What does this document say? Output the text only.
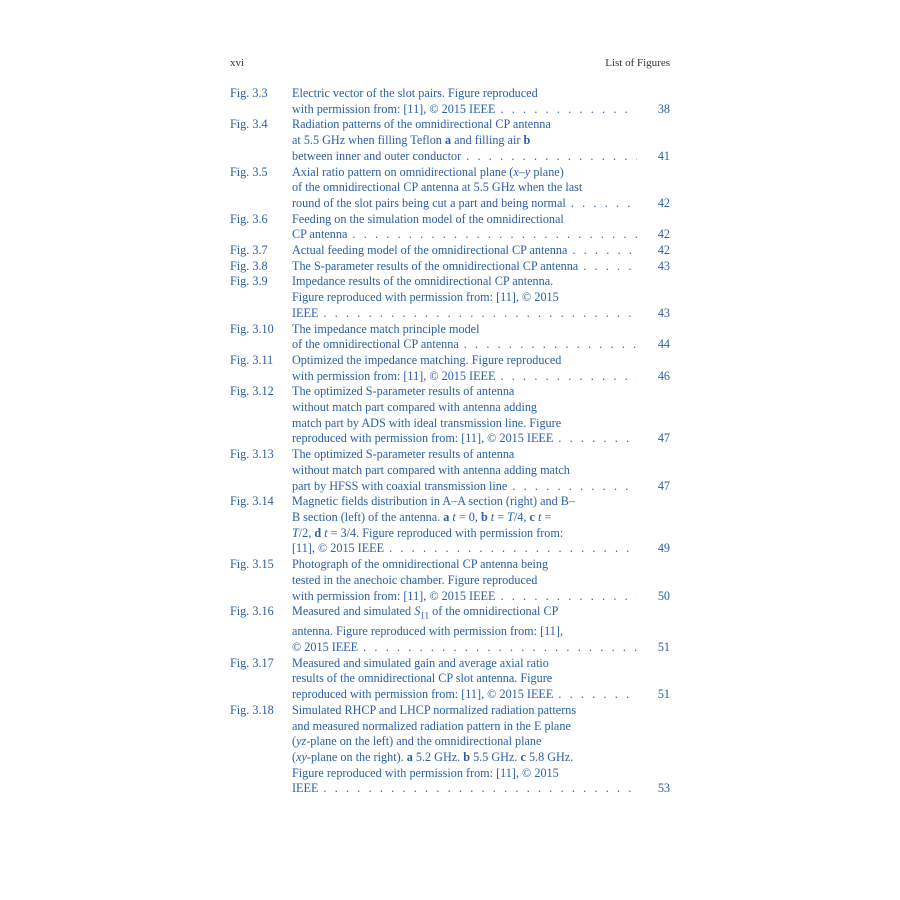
xvi	List of Figures
Fig. 3.3	Electric vector of the slot pairs. Figure reproduced
with permission from: [11], © 2015 IEEE . . .	38
Fig. 3.4	Radiation patterns of the omnidirectional CP antenna
at 5.5 GHz when filling Teflon a and filling air b
between inner and outer conductor . . .	41
Fig. 3.5	Axial ratio pattern on omnidirectional plane (x–y plane)
of the omnidirectional CP antenna at 5.5 GHz when the last
round of the slot pairs being cut a part and being normal . . .	42
Fig. 3.6	Feeding on the simulation model of the omnidirectional
CP antenna . . .	42
Fig. 3.7	Actual feeding model of the omnidirectional CP antenna . . .	42
Fig. 3.8	The S-parameter results of the omnidirectional CP antenna . . .	43
Fig. 3.9	Impedance results of the omnidirectional CP antenna.
Figure reproduced with permission from: [11], © 2015
IEEE . . .	43
Fig. 3.10	The impedance match principle model
of the omnidirectional CP antenna . . .	44
Fig. 3.11	Optimized the impedance matching. Figure reproduced
with permission from: [11], © 2015 IEEE . . .	46
Fig. 3.12	The optimized S-parameter results of antenna
without match part compared with antenna adding
match part by ADS with ideal transmission line. Figure
reproduced with permission from: [11], © 2015 IEEE . . .	47
Fig. 3.13	The optimized S-parameter results of antenna
without match part compared with antenna adding match
part by HFSS with coaxial transmission line . . .	47
Fig. 3.14	Magnetic fields distribution in A–A section (right) and B–
B section (left) of the antenna. a t = 0, b t = T/4, c t =
T/2, d t = 3/4. Figure reproduced with permission from:
[11], © 2015 IEEE . . .	49
Fig. 3.15	Photograph of the omnidirectional CP antenna being
tested in the anechoic chamber. Figure reproduced
with permission from: [11], © 2015 IEEE . . .	50
Fig. 3.16	Measured and simulated $S_{11}$ of the omnidirectional CP
antenna. Figure reproduced with permission from: [11],
© 2015 IEEE . . .	51
Fig. 3.17	Measured and simulated gain and average axial ratio
results of the omnidirectional CP slot antenna. Figure
reproduced with permission from: [11], © 2015 IEEE . . .	51
Fig. 3.18	Simulated RHCP and LHCP normalized radiation patterns
and measured normalized radiation pattern in the E plane
(yz-plane on the left) and the omnidirectional plane
(xy-plane on the right). a 5.2 GHz. b 5.5 GHz. c 5.8 GHz.
Figure reproduced with permission from: [11], © 2015
IEEE . . .	53
